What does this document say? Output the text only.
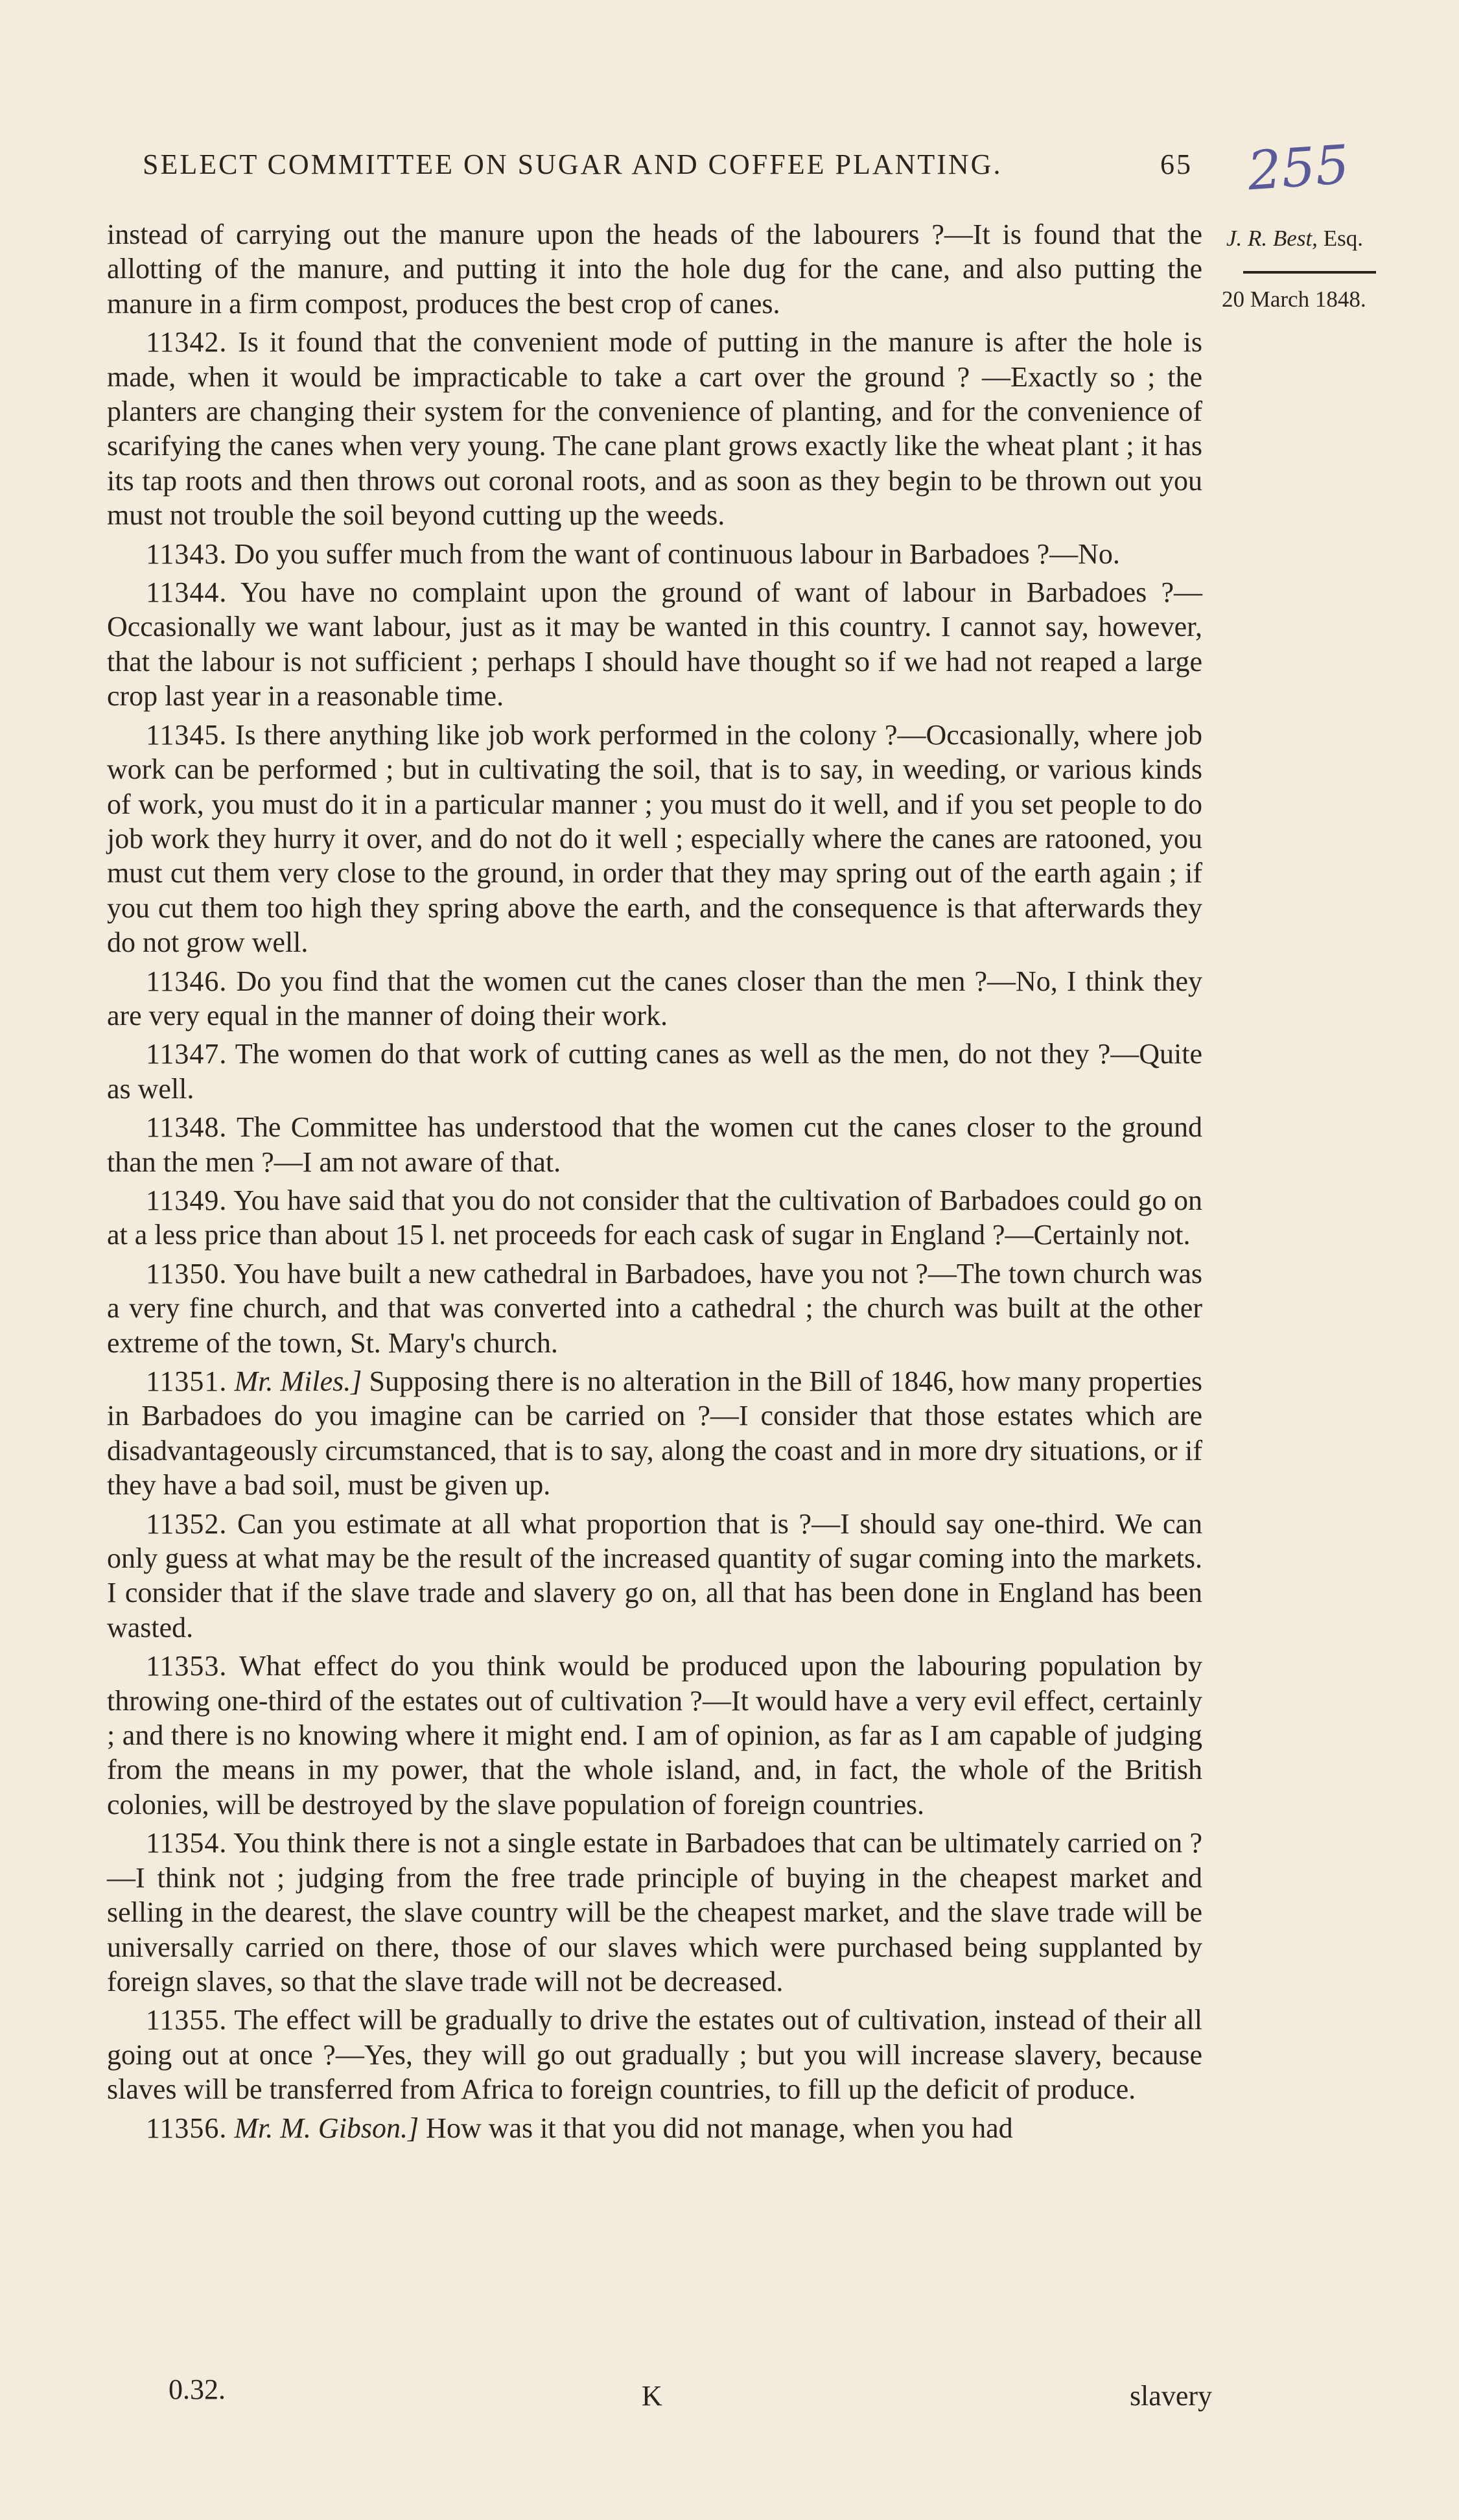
SELECT COMMITTEE ON SUGAR AND COFFEE PLANTING.	65 255
J. R. Best, Esq.
20 March 1848.

instead of carrying out the manure upon the heads of the labourers ?—It is found that the allotting of the manure, and putting it into the hole dug for the cane, and also putting the manure in a firm compost, produces the best crop of canes.

11342. Is it found that the convenient mode of putting in the manure is after the hole is made, when it would be impracticable to take a cart over the ground ? —Exactly so ; the planters are changing their system for the convenience of planting, and for the convenience of scarifying the canes when very young. The cane plant grows exactly like the wheat plant ; it has its tap roots and then throws out coronal roots, and as soon as they begin to be thrown out you must not trouble the soil beyond cutting up the weeds.

11343. Do you suffer much from the want of continuous labour in Barbadoes ?—No.

11344. You have no complaint upon the ground of want of labour in Barbadoes ?—Occasionally we want labour, just as it may be wanted in this country. I cannot say, however, that the labour is not sufficient ; perhaps I should have thought so if we had not reaped a large crop last year in a reasonable time.

11345. Is there anything like job work performed in the colony ?—Occasionally, where job work can be performed ; but in cultivating the soil, that is to say, in weeding, or various kinds of work, you must do it in a particular manner ; you must do it well, and if you set people to do job work they hurry it over, and do not do it well ; especially where the canes are ratooned, you must cut them very close to the ground, in order that they may spring out of the earth again ; if you cut them too high they spring above the earth, and the consequence is that afterwards they do not grow well.

11346. Do you find that the women cut the canes closer than the men ?—No, I think they are very equal in the manner of doing their work.

11347. The women do that work of cutting canes as well as the men, do not they ?—Quite as well.

11348. The Committee has understood that the women cut the canes closer to the ground than the men ?—I am not aware of that.

11349. You have said that you do not consider that the cultivation of Barbadoes could go on at a less price than about 15 l. net proceeds for each cask of sugar in England ?—Certainly not.

11350. You have built a new cathedral in Barbadoes, have you not ?—The town church was a very fine church, and that was converted into a cathedral ; the church was built at the other extreme of the town, St. Mary's church.

11351. Mr. Miles.] Supposing there is no alteration in the Bill of 1846, how many properties in Barbadoes do you imagine can be carried on ?—I consider that those estates which are disadvantageously circumstanced, that is to say, along the coast and in more dry situations, or if they have a bad soil, must be given up.

11352. Can you estimate at all what proportion that is ?—I should say one-third. We can only guess at what may be the result of the increased quantity of sugar coming into the markets. I consider that if the slave trade and slavery go on, all that has been done in England has been wasted.

11353. What effect do you think would be produced upon the labouring population by throwing one-third of the estates out of cultivation ?—It would have a very evil effect, certainly ; and there is no knowing where it might end. I am of opinion, as far as I am capable of judging from the means in my power, that the whole island, and, in fact, the whole of the British colonies, will be destroyed by the slave population of foreign countries.

11354. You think there is not a single estate in Barbadoes that can be ultimately carried on ?—I think not ; judging from the free trade principle of buying in the cheapest market and selling in the dearest, the slave country will be the cheapest market, and the slave trade will be universally carried on there, those of our slaves which were purchased being supplanted by foreign slaves, so that the slave trade will not be decreased.

11355. The effect will be gradually to drive the estates out of cultivation, instead of their all going out at once ?—Yes, they will go out gradually ; but you will increase slavery, because slaves will be transferred from Africa to foreign countries, to fill up the deficit of produce.

11356. Mr. M. Gibson.] How was it that you did not manage, when you had

0.32.	K	slavery
